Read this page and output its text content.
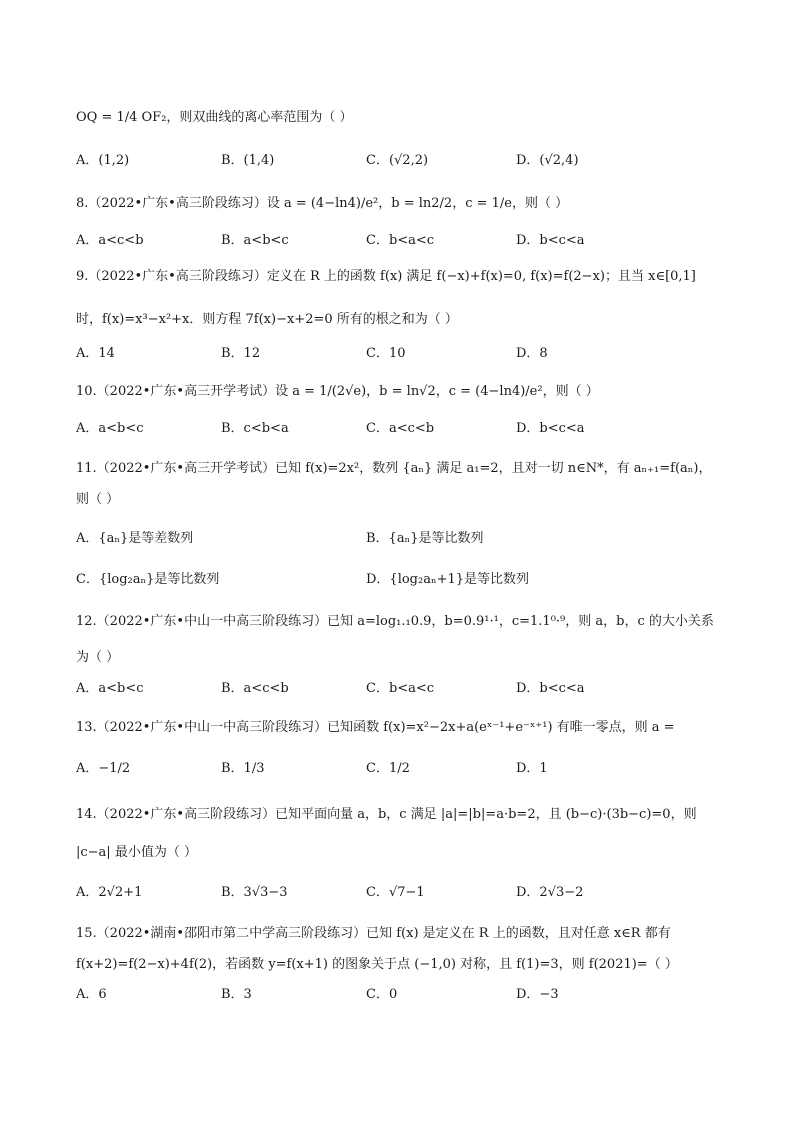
OQ = 1/4 OF₂，则双曲线的离心率范围为（ ）
A．(1,2)	B．(1,4)	C．(√2,2)	D．(√2,4)
8.（2022•广东•高三阶段练习）设 a = (4−ln4)/e²，b = ln2/2，c = 1/e，则（ ）
A．a<c<b	B．a<b<c	C．b<a<c	D．b<c<a
9.（2022•广东•高三阶段练习）定义在 R 上的函数 f(x) 满足 f(−x)+f(x)=0, f(x)=f(2−x)；且当 x∈[0,1]
时，f(x)=x³−x²+x．则方程 7f(x)−x+2=0 所有的根之和为（ ）
A．14	B．12	C．10	D．8
10.（2022•广东•高三开学考试）设 a = 1/(2√e)，b = ln√2，c = (4−ln4)/e²，则（ ）
A．a<b<c	B．c<b<a	C．a<c<b	D．b<c<a
11.（2022•广东•高三开学考试）已知 f(x)=2x²，数列 {aₙ} 满足 a₁=2，且对一切 n∈N*，有 aₙ₊₁=f(aₙ)，
则（ ）
A．{aₙ}是等差数列	B．{aₙ}是等比数列
C．{log₂aₙ}是等比数列	D．{log₂aₙ+1}是等比数列
12.（2022•广东•中山一中高三阶段练习）已知 a=log₁.₁0.9，b=0.9¹·¹，c=1.1⁰·⁹，则 a，b，c 的大小关系
为（ ）
A．a<b<c	B．a<c<b	C．b<a<c	D．b<c<a
13.（2022•广东•中山一中高三阶段练习）已知函数 f(x)=x²−2x+a(eˣ⁻¹+e⁻ˣ⁺¹) 有唯一零点，则 a =
A．−1/2	B．1/3	C．1/2	D．1
14.（2022•广东•高三阶段练习）已知平面向量 a，b，c 满足 |a|=|b|=a·b=2，且 (b−c)·(3b−c)=0，则
|c−a| 最小值为（ ）
A．2√2+1	B．3√3−3	C．√7−1	D．2√3−2
15.（2022•湖南•邵阳市第二中学高三阶段练习）已知 f(x) 是定义在 R 上的函数，且对任意 x∈R 都有
f(x+2)=f(2−x)+4f(2)，若函数 y=f(x+1) 的图象关于点 (−1,0) 对称，且 f(1)=3，则 f(2021)=（ ）
A．6	B．3	C．0	D．−3
